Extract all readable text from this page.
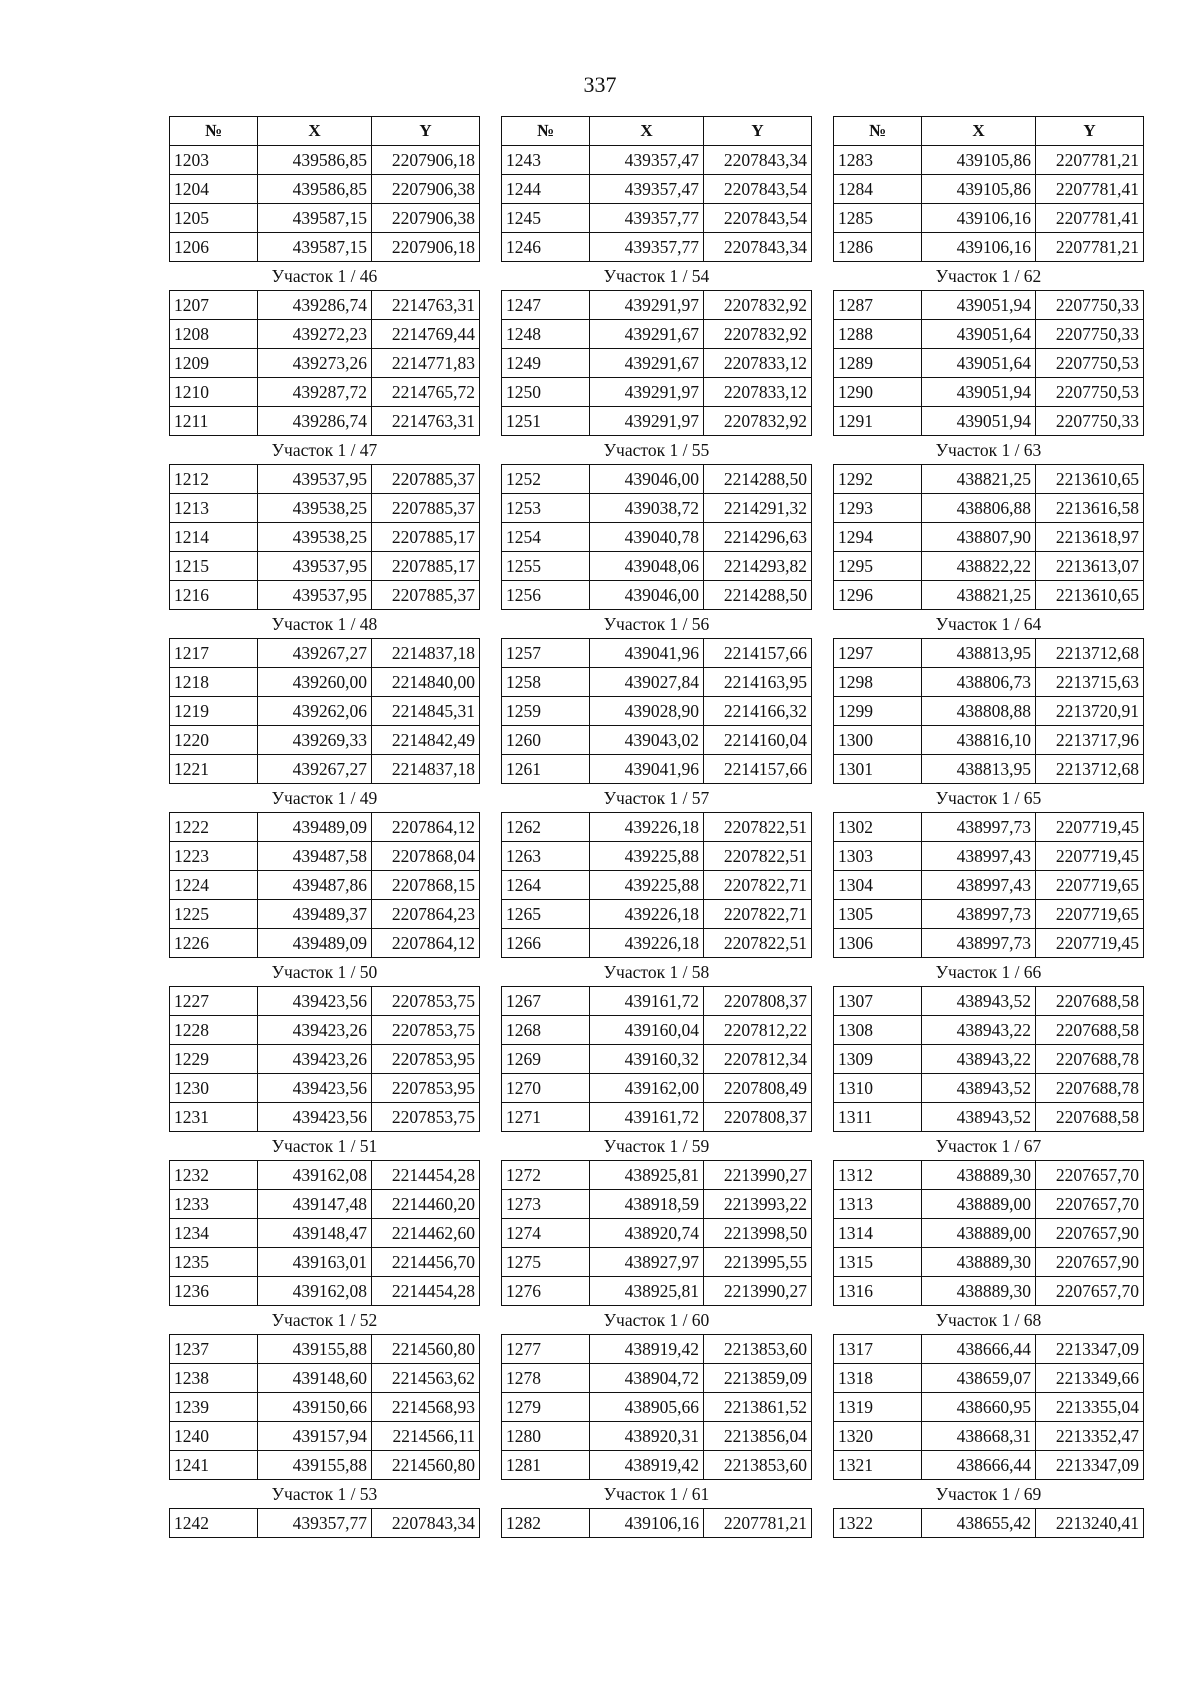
337
№	X	Y
1203	439586,85	2207906,18
1204	439586,85	2207906,38
1205	439587,15	2207906,38
1206	439587,15	2207906,18
Участок 1 / 46		
1207	439286,74	2214763,31
1208	439272,23	2214769,44
1209	439273,26	2214771,83
1210	439287,72	2214765,72
1211	439286,74	2214763,31
Участок 1 / 47		
1212	439537,95	2207885,37
1213	439538,25	2207885,37
1214	439538,25	2207885,17
1215	439537,95	2207885,17
1216	439537,95	2207885,37
Участок 1 / 48		
1217	439267,27	2214837,18
1218	439260,00	2214840,00
1219	439262,06	2214845,31
1220	439269,33	2214842,49
1221	439267,27	2214837,18
Участок 1 / 49		
1222	439489,09	2207864,12
1223	439487,58	2207868,04
1224	439487,86	2207868,15
1225	439489,37	2207864,23
1226	439489,09	2207864,12
Участок 1 / 50		
1227	439423,56	2207853,75
1228	439423,26	2207853,75
1229	439423,26	2207853,95
1230	439423,56	2207853,95
1231	439423,56	2207853,75
Участок 1 / 51		
1232	439162,08	2214454,28
1233	439147,48	2214460,20
1234	439148,47	2214462,60
1235	439163,01	2214456,70
1236	439162,08	2214454,28
Участок 1 / 52		
1237	439155,88	2214560,80
1238	439148,60	2214563,62
1239	439150,66	2214568,93
1240	439157,94	2214566,11
1241	439155,88	2214560,80
Участок 1 / 53		
1242	439357,77	2207843,34
№	X	Y
1243	439357,47	2207843,34
1244	439357,47	2207843,54
1245	439357,77	2207843,54
1246	439357,77	2207843,34
Участок 1 / 54		
1247	439291,97	2207832,92
1248	439291,67	2207832,92
1249	439291,67	2207833,12
1250	439291,97	2207833,12
1251	439291,97	2207832,92
Участок 1 / 55		
1252	439046,00	2214288,50
1253	439038,72	2214291,32
1254	439040,78	2214296,63
1255	439048,06	2214293,82
1256	439046,00	2214288,50
Участок 1 / 56		
1257	439041,96	2214157,66
1258	439027,84	2214163,95
1259	439028,90	2214166,32
1260	439043,02	2214160,04
1261	439041,96	2214157,66
Участок 1 / 57		
1262	439226,18	2207822,51
1263	439225,88	2207822,51
1264	439225,88	2207822,71
1265	439226,18	2207822,71
1266	439226,18	2207822,51
Участок 1 / 58		
1267	439161,72	2207808,37
1268	439160,04	2207812,22
1269	439160,32	2207812,34
1270	439162,00	2207808,49
1271	439161,72	2207808,37
Участок 1 / 59		
1272	438925,81	2213990,27
1273	438918,59	2213993,22
1274	438920,74	2213998,50
1275	438927,97	2213995,55
1276	438925,81	2213990,27
Участок 1 / 60		
1277	438919,42	2213853,60
1278	438904,72	2213859,09
1279	438905,66	2213861,52
1280	438920,31	2213856,04
1281	438919,42	2213853,60
Участок 1 / 61		
1282	439106,16	2207781,21
№	X	Y
1283	439105,86	2207781,21
1284	439105,86	2207781,41
1285	439106,16	2207781,41
1286	439106,16	2207781,21
Участок 1 / 62		
1287	439051,94	2207750,33
1288	439051,64	2207750,33
1289	439051,64	2207750,53
1290	439051,94	2207750,53
1291	439051,94	2207750,33
Участок 1 / 63		
1292	438821,25	2213610,65
1293	438806,88	2213616,58
1294	438807,90	2213618,97
1295	438822,22	2213613,07
1296	438821,25	2213610,65
Участок 1 / 64		
1297	438813,95	2213712,68
1298	438806,73	2213715,63
1299	438808,88	2213720,91
1300	438816,10	2213717,96
1301	438813,95	2213712,68
Участок 1 / 65		
1302	438997,73	2207719,45
1303	438997,43	2207719,45
1304	438997,43	2207719,65
1305	438997,73	2207719,65
1306	438997,73	2207719,45
Участок 1 / 66		
1307	438943,52	2207688,58
1308	438943,22	2207688,58
1309	438943,22	2207688,78
1310	438943,52	2207688,78
1311	438943,52	2207688,58
Участок 1 / 67		
1312	438889,30	2207657,70
1313	438889,00	2207657,70
1314	438889,00	2207657,90
1315	438889,30	2207657,90
1316	438889,30	2207657,70
Участок 1 / 68		
1317	438666,44	2213347,09
1318	438659,07	2213349,66
1319	438660,95	2213355,04
1320	438668,31	2213352,47
1321	438666,44	2213347,09
Участок 1 / 69		
1322	438655,42	2213240,41
